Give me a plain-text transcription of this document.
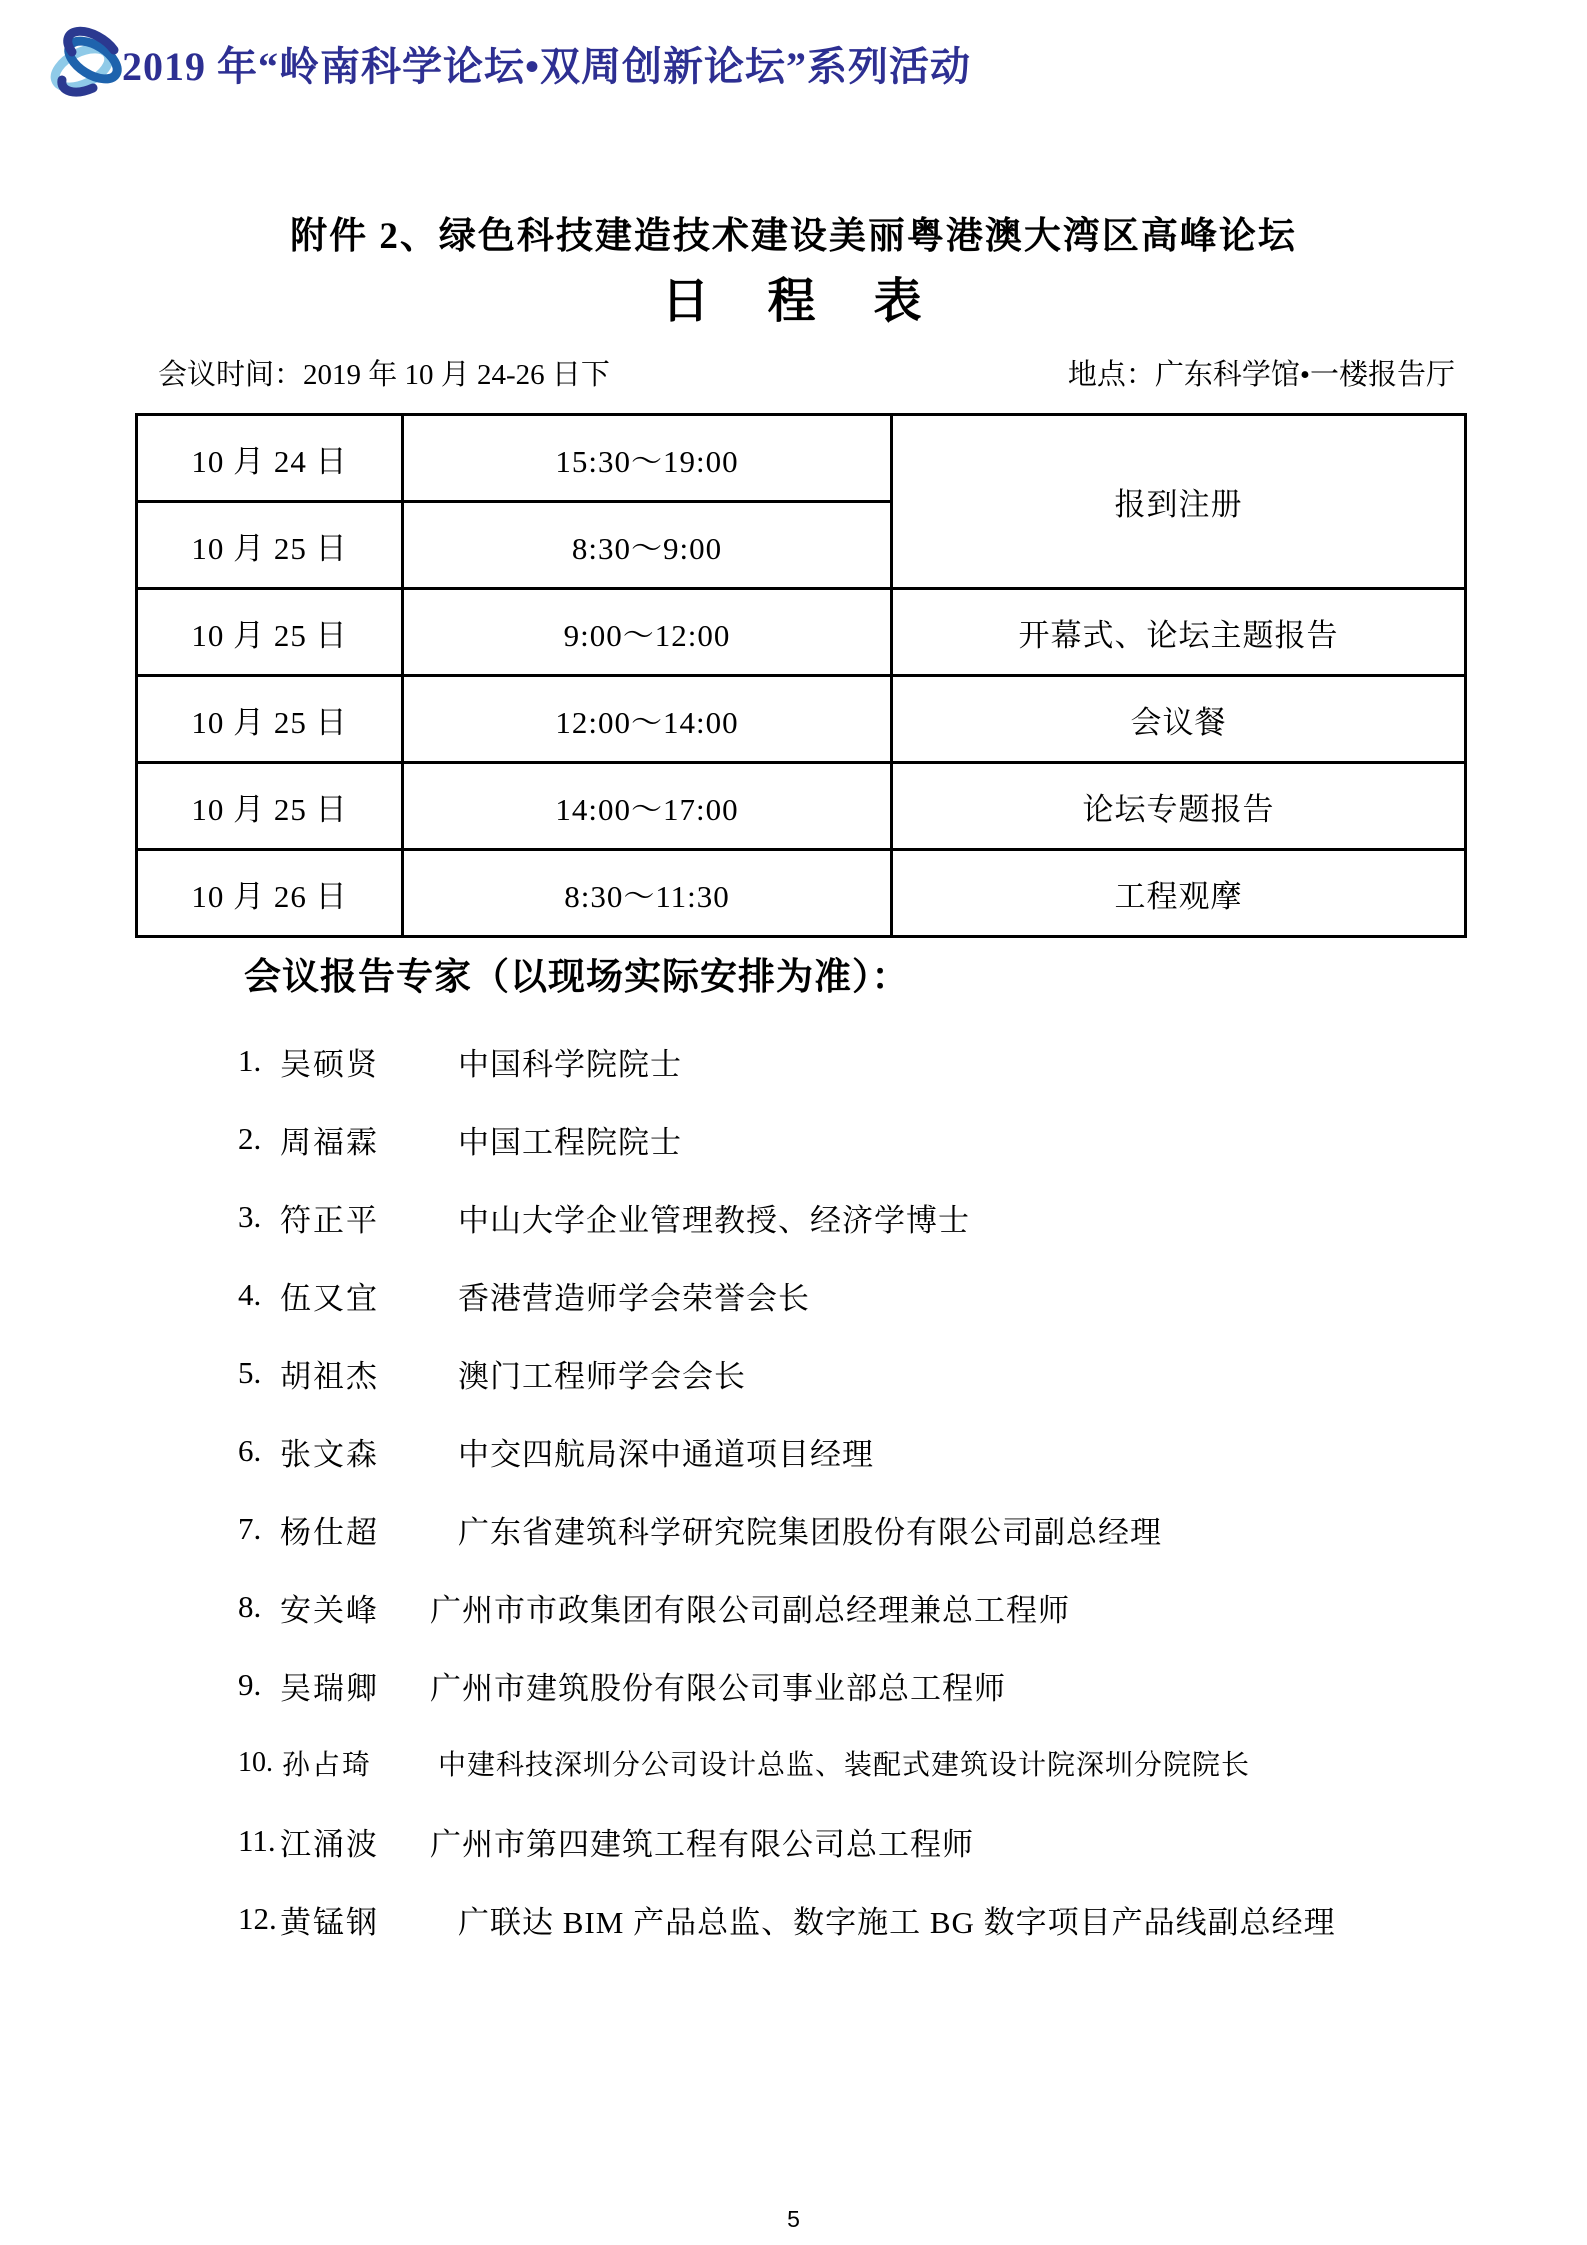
2019 年“岭南科学论坛•双周创新论坛”系列活动
附件 2、绿色科技建造技术建设美丽粤港澳大湾区高峰论坛
日 程 表
会议时间：2019 年 10 月 24-26 日下	地点：广东科学馆•一楼报告厅
10 月 24 日	15:30～19:00	报到注册
10 月 25 日	8:30～9:00	
10 月 25 日	9:00～12:00	开幕式、论坛主题报告
10 月 25 日	12:00～14:00	会议餐
10 月 25 日	14:00～17:00	论坛专题报告
10 月 26 日	8:30～11:30	工程观摩
会议报告专家（以现场实际安排为准）：
1. 吴硕贤	中国科学院院士
2. 周福霖	中国工程院院士
3. 符正平	中山大学企业管理教授、经济学博士
4. 伍又宜	香港营造师学会荣誉会长
5. 胡祖杰	澳门工程师学会会长
6. 张文森	中交四航局深中通道项目经理
7. 杨仕超	广东省建筑科学研究院集团股份有限公司副总经理
8. 安关峰	广州市市政集团有限公司副总经理兼总工程师
9. 吴瑞卿	广州市建筑股份有限公司事业部总工程师
10. 孙占琦	中建科技深圳分公司设计总监、装配式建筑设计院深圳分院院长
11. 江涌波	广州市第四建筑工程有限公司总工程师
12. 黄锰钢	广联达 BIM 产品总监、数字施工 BG 数字项目产品线副总经理
5
